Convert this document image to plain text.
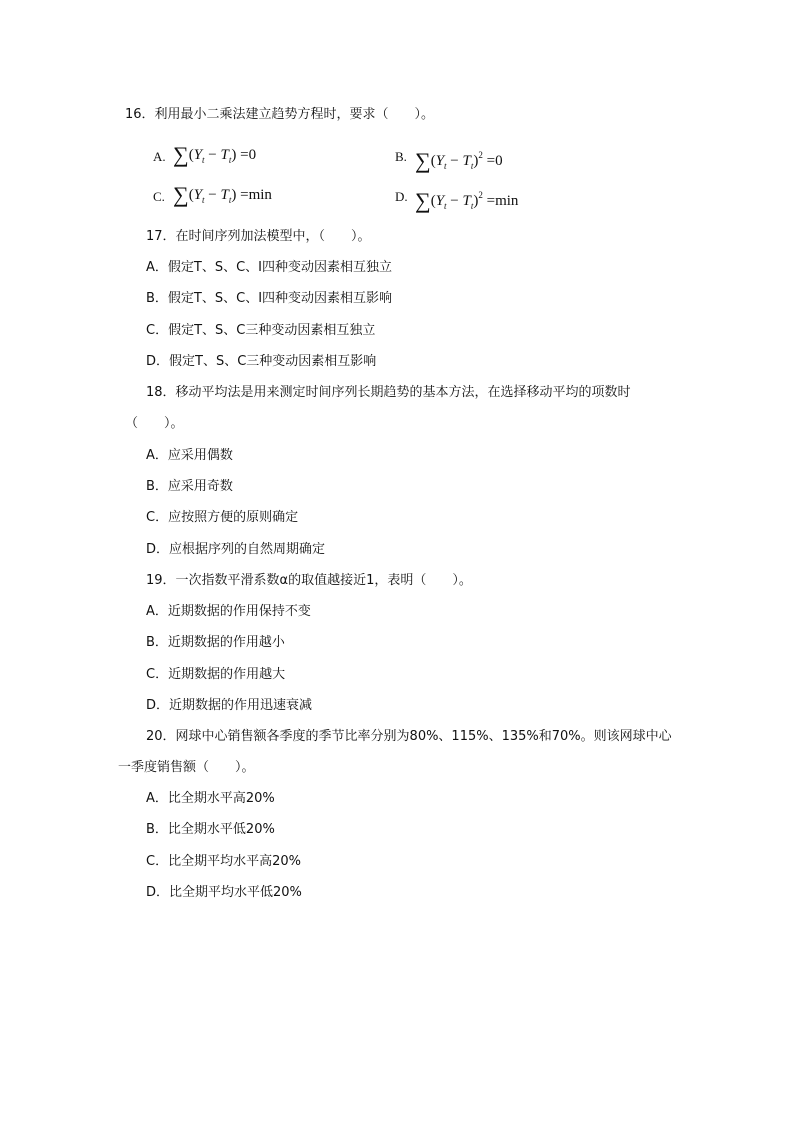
16．利用最小二乘法建立趋势方程时，要求（　　）。
A. $\sum(Y_t - T_t) =0$	B. $\sum(Y_t - T_t)^2 =0$
C. $\sum(Y_t - T_t) =\min$	D. $\sum(Y_t - T_t)^2 =\min$
17．在时间序列加法模型中，（　　）。
A．假定T、S、C、I四种变动因素相互独立
B．假定T、S、C、I四种变动因素相互影响
C．假定T、S、C三种变动因素相互独立
D．假定T、S、C三种变动因素相互影响
18．移动平均法是用来测定时间序列长期趋势的基本方法，在选择移动平均的项数时
（　　）。
A．应采用偶数
B．应采用奇数
C．应按照方便的原则确定
D．应根据序列的自然周期确定
19．一次指数平滑系数α的取值越接近1，表明（　　）。
A．近期数据的作用保持不变
B．近期数据的作用越小
C．近期数据的作用越大
D．近期数据的作用迅速衰减
20．网球中心销售额各季度的季节比率分别为80%、115%、135%和70%。则该网球中心
一季度销售额（　　）。
A．比全期水平高20%
B．比全期水平低20%
C．比全期平均水平高20%
D．比全期平均水平低20%
